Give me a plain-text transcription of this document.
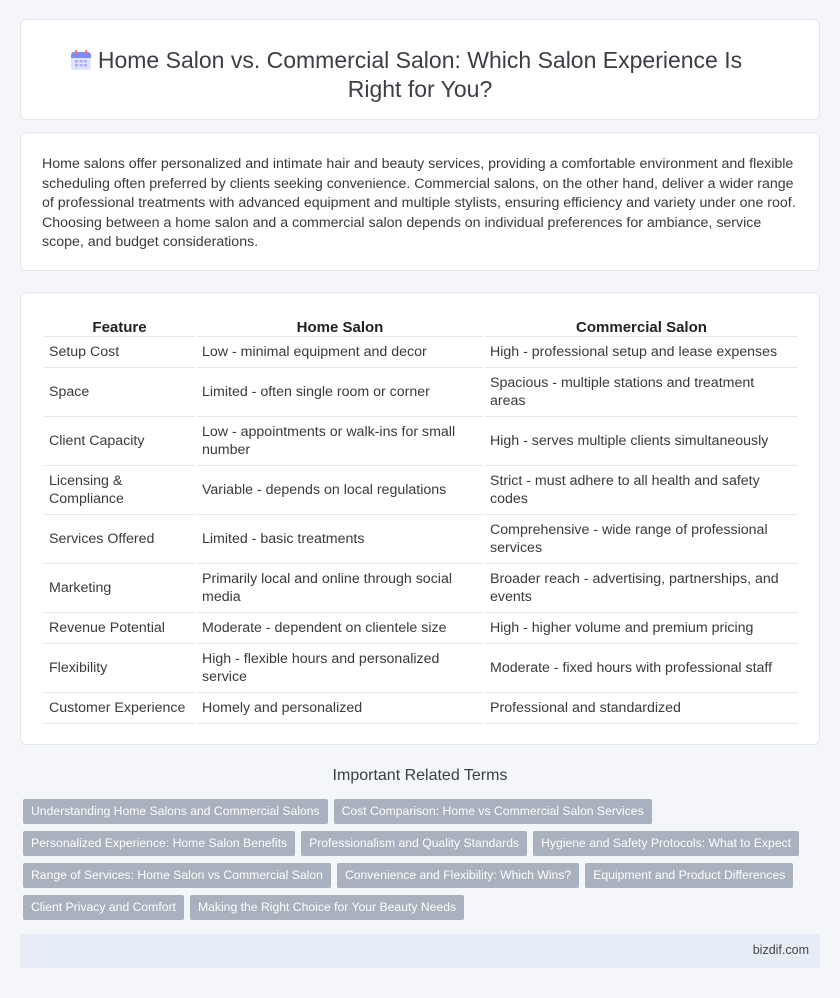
Home Salon vs. Commercial Salon: Which Salon Experience Is Right for You?

Home salons offer personalized and intimate hair and beauty services, providing a comfortable environment and flexible scheduling often preferred by clients seeking convenience. Commercial salons, on the other hand, deliver a wider range of professional treatments with advanced equipment and multiple stylists, ensuring efficiency and variety under one roof. Choosing between a home salon and a commercial salon depends on individual preferences for ambiance, service scope, and budget considerations.

Feature	Home Salon	Commercial Salon
Setup Cost	Low - minimal equipment and decor	High - professional setup and lease expenses
Space	Limited - often single room or corner	Spacious - multiple stations and treatment areas
Client Capacity	Low - appointments or walk-ins for small number	High - serves multiple clients simultaneously
Licensing & Compliance	Variable - depends on local regulations	Strict - must adhere to all health and safety codes
Services Offered	Limited - basic treatments	Comprehensive - wide range of professional services
Marketing	Primarily local and online through social media	Broader reach - advertising, partnerships, and events
Revenue Potential	Moderate - dependent on clientele size	High - higher volume and premium pricing
Flexibility	High - flexible hours and personalized service	Moderate - fixed hours with professional staff
Customer Experience	Homely and personalized	Professional and standardized
Important Related Terms
Understanding Home Salons and Commercial Salons	Cost Comparison: Home vs Commercial Salon Services
Personalized Experience: Home Salon Benefits	Professionalism and Quality Standards	Hygiene and Safety Protocols: What to Expect
Range of Services: Home Salon vs Commercial Salon	Convenience and Flexibility: Which Wins?	Equipment and Product Differences
Client Privacy and Comfort	Making the Right Choice for Your Beauty Needs
bizdif.com
